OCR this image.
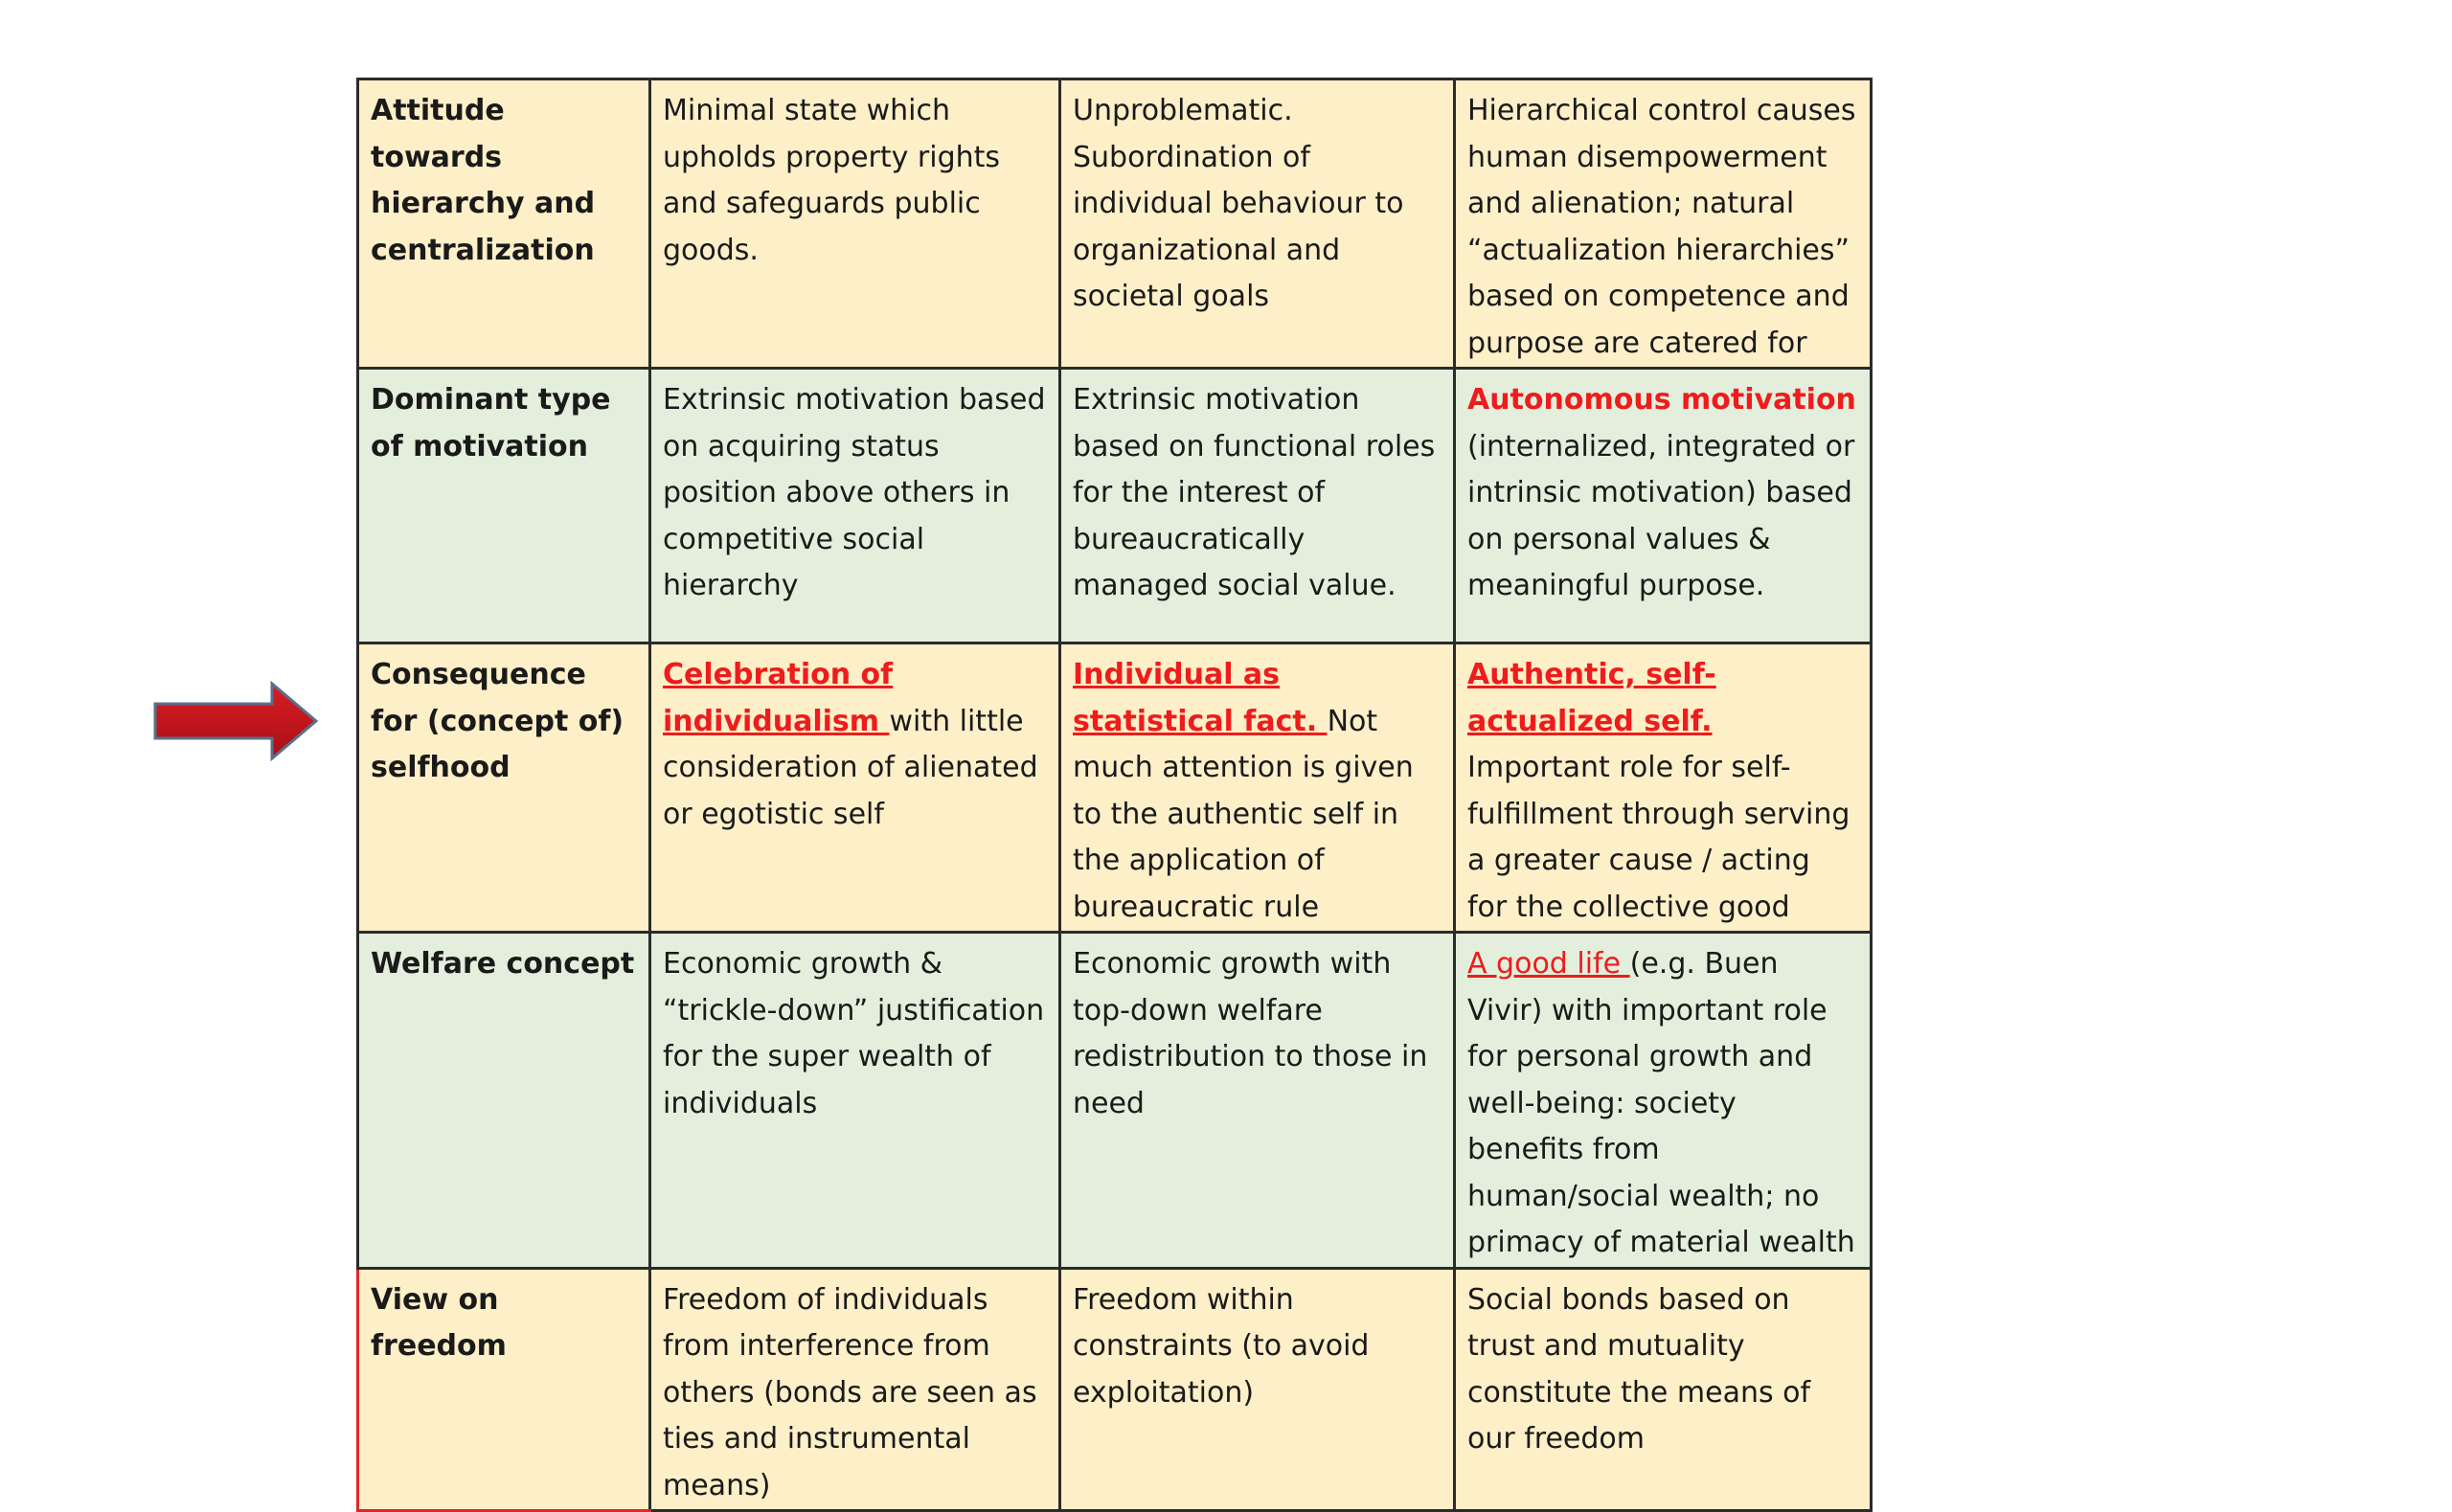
Attitude towards hierarchy and centralization	Minimal state which upholds property rights and safeguards public goods.	Unproblematic. Subordination of individual behaviour to organizational and societal goals	Hierarchical control causes human disempowerment and alienation; natural “actualization hierarchies” based on competence and purpose are catered for
Dominant type of motivation	Extrinsic motivation based on acquiring status position above others in competitive social hierarchy	Extrinsic motivation based on functional roles for the interest of bureaucratically managed social value.	Autonomous motivation (internalized, integrated or intrinsic motivation) based on personal values & meaningful purpose.
Consequence for (concept of) selfhood	Celebration of individualism with little consideration of alienated or egotistic self	Individual as statistical fact. Not much attention is given to the authentic self in the application of bureaucratic rule	Authentic, self-actualized self. Important role for self-fulfillment through serving a greater cause / acting for the collective good
Welfare concept	Economic growth & “trickle-down” justification for the super wealth of individuals	Economic growth with top-down welfare redistribution to those in need	A good life (e.g. Buen Vivir) with important role for personal growth and well-being: society benefits from human/social wealth; no primacy of material wealth
View on freedom	Freedom of individuals from interference from others (bonds are seen as ties and instrumental means)	Freedom within constraints (to avoid exploitation)	Social bonds based on trust and mutuality constitute the means of our freedom
